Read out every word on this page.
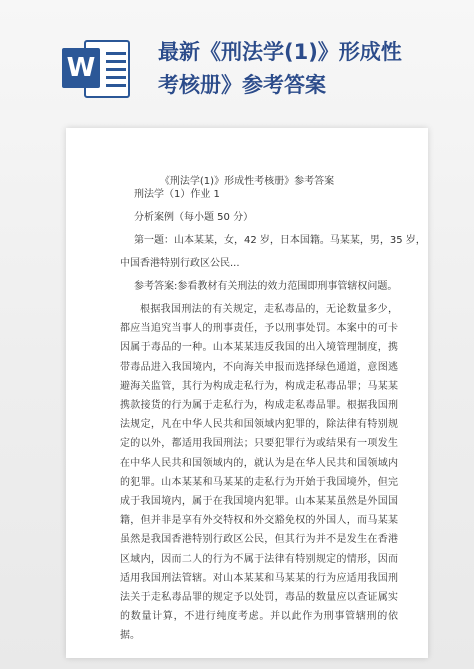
W
最新《刑法学(1)》形成性
考核册》参考答案
《刑法学(1)》形成性考核册》参考答案
刑法学（1）作业 1
分析案例（每小题 50 分）
第一题：山本某某，女，42 岁，日本国籍。马某某，男，35 岁，
中国香港特别行政区公民...
参考答案:参看教材有关刑法的效力范围即刑事管辖权问题。
根据我国刑法的有关规定，走私毒品的，无论数量多少，都应当追究当事人的刑事责任，予以刑事处罚。本案中的可卡因属于毒品的一种。山本某某违反我国的出入境管理制度，携带毒品进入我国境内，不向海关申报而选择绿色通道，意图逃避海关监管，其行为构成走私行为，构成走私毒品罪；马某某携款接货的行为属于走私行为，构成走私毒品罪。根据我国刑法规定，凡在中华人民共和国领域内犯罪的，除法律有特别规定的以外，都适用我国刑法；只要犯罪行为或结果有一项发生在中华人民共和国领域内的，就认为是在华人民共和国领域内的犯罪。山本某某和马某某的走私行为开始于我国境外，但完成于我国境内，属于在我国境内犯罪。山本某某虽然是外国国籍，但并非是享有外交特权和外交豁免权的外国人，而马某某虽然是我国香港特别行政区公民，但其行为并不是发生在香港区域内，因而二人的行为不属于法律有特别规定的情形，因而适用我国刑法管辖。对山本某某和马某某的行为应适用我国刑法关于走私毒品罪的规定予以处罚，毒品的数量应以查证属实的数量计算，不进行纯度考虑。并以此作为刑事管辖刑的依据。
